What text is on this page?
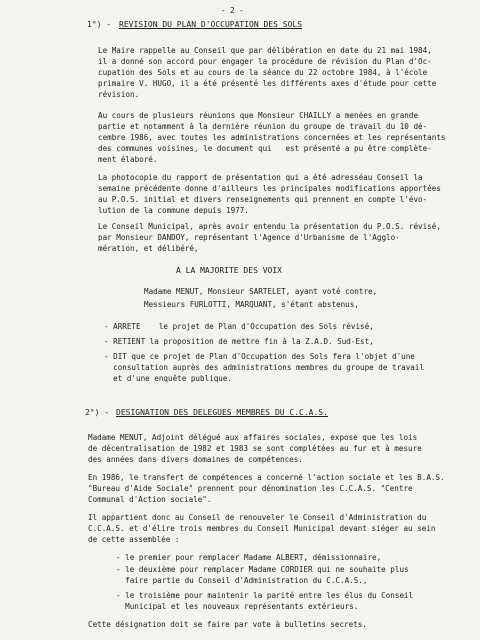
- 2 -
1°) - REVISION DU PLAN D'OCCUPATION DES SOLS
Le Maire rappelle au Conseil que par délibération en date du 21 mai 1984,
il a donné son accord pour engager la procédure de révision du Plan d'Oc-
cupation des Sols et au cours de la séance du 22 octobre 1984, à l'école
primaire V. HUGO, il a été présenté les différents axes d'étude pour cette
révision.
Au cours de plusieurs réunions que Monsieur CHAILLY a menées en grande
partie et notamment à la dernière réunion du groupe de travail du 10 dé-
cembre 1986, avec toutes les administrations concernées et les représentants
des communes voisines, le document qui   est présenté a pu être complète-
ment élaboré.
La photocopie du rapport de présentation qui a été adresséau Conseil la
semaine précédente donne d'ailleurs les principales modifications apportées
au P.O.S. initial et divers renseignements qui prennent en compte l'évo-
lution de la commune depuis 1977.
Le Conseil Municipal, après avoir entendu la présentation du P.O.S. révisé,
par Monsieur DANDOY, représentant l'Agence d'Urbanisme de l'Agglo-
mération, et délibéré,
A LA MAJORITE DES VOIX
Madame MENUT, Monsieur SARTELET, ayant voté contre,
Messieurs FURLOTTI, MARQUANT, s'étant abstenus,
- ARRETE    le projet de Plan d'Occupation des Sols révisé,
- RETIENT la proposition de mettre fin à la Z.A.D. Sud-Est,
- DIT que ce projet de Plan d'Occupation des Sols fera l'objet d'une
consultation auprès des administrations membres du groupe de travail
et d'une enquête publique.
2°) - DESIGNATION DES DELEGUES MEMBRES DU C.C.A.S.
Madame MENUT, Adjoint délégué aux affaires sociales, expose que les lois
de décentralisation de 1982 et 1983 se sont complétées au fur et à mesure
des années dans divers domaines de compétences.
En 1986, le transfert de compétences a concerné l'action sociale et les B.A.S.
"Bureau d'Aide Sociale" prennent pour dénomination les C.C.A.S. "Centre
Communal d'Action sociale".
Il appartient donc au Conseil de renouveler le Conseil d'Administration du
C.C.A.S. et d'élire trois membres du Conseil Municipal devant siéger au sein
de cette assemblée :
- le premier pour remplacer Madame ALBERT, démissionnaire,
- le deuxième pour remplacer Madame CORDIER qui ne souhaite plus
faire partie du Conseil d'Administration du C.C.A.S.,
- le troisième pour maintenir la parité entre les élus du Conseil
Municipal et les nouveaux représentants extérieurs.
Cette désignation doit se faire par vote à bulletins secrets.
